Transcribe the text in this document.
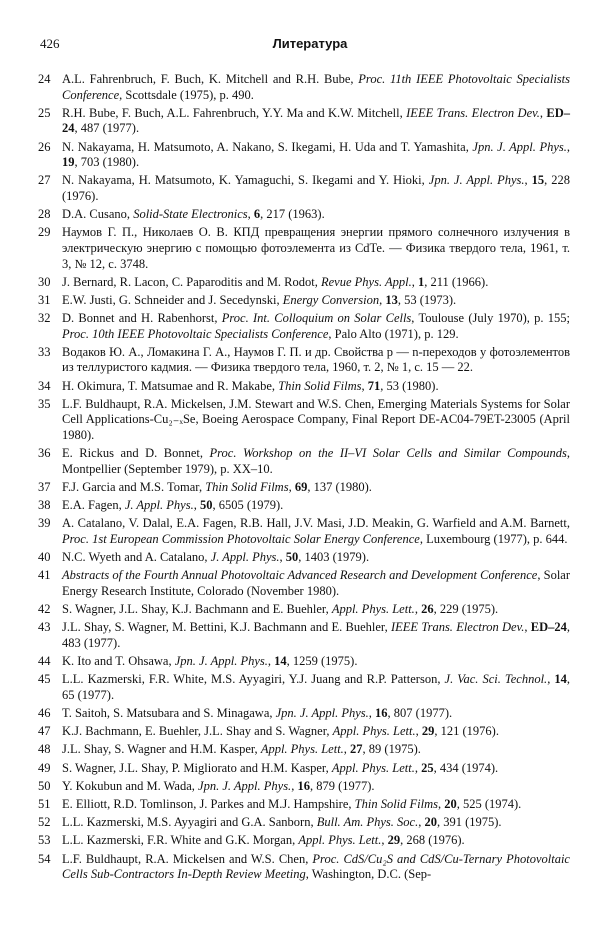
426	Литература
24 A.L. Fahrenbruch, F. Buch, K. Mitchell and R.H. Bube, Proc. 11th IEEE Photovoltaic Specialists Conference, Scottsdale (1975), p. 490.
25 R.H. Bube, F. Buch, A.L. Fahrenbruch, Y.Y. Ma and K.W. Mitchell, IEEE Trans. Electron Dev., ED–24, 487 (1977).
26 N. Nakayama, H. Matsumoto, A. Nakano, S. Ikegami, H. Uda and T. Yamashita, Jpn. J. Appl. Phys., 19, 703 (1980).
27 N. Nakayama, H. Matsumoto, K. Yamaguchi, S. Ikegami and Y. Hioki, Jpn. J. Appl. Phys., 15, 228 (1976).
28 D.A. Cusano, Solid-State Electronics, 6, 217 (1963).
29 Наумов Г. П., Николаев О. В. КПД превращения энергии прямого солнечного излучения в электрическую энергию с помощью фотоэлемента из CdTe. — Физика твердого тела, 1961, т. 3, № 12, с. 3748.
30 J. Bernard, R. Lacon, C. Paparoditis and M. Rodot, Revue Phys. Appl., 1, 211 (1966).
31 E.W. Justi, G. Schneider and J. Secedynski, Energy Conversion, 13, 53 (1973).
32 D. Bonnet and H. Rabenhorst, Proc. Int. Colloquium on Solar Cells, Toulouse (July 1970), p. 155; Proc. 10th IEEE Photovoltaic Specialists Conference, Palo Alto (1971), p. 129.
33 Водаков Ю. А., Ломакина Г. А., Наумов Г. П. и др. Свойства p — n-переходов у фотоэлементов из теллуристого кадмия. — Физика твердого тела, 1960, т. 2, № 1, с. 15 — 22.
34 H. Okimura, T. Matsumae and R. Makabe, Thin Solid Films, 71, 53 (1980).
35 L.F. Buldhaupt, R.A. Mickelsen, J.M. Stewart and W.S. Chen, Emerging Materials Systems for Solar Cell Applications-Cu₂₋ₓSe, Boeing Aerospace Company, Final Report DE-AC04-79ET-23005 (April 1980).
36 E. Rickus and D. Bonnet, Proc. Workshop on the II–VI Solar Cells and Similar Compounds, Montpellier (September 1979), p. XX–10.
37 F.J. Garcia and M.S. Tomar, Thin Solid Films, 69, 137 (1980).
38 E.A. Fagen, J. Appl. Phys., 50, 6505 (1979).
39 A. Catalano, V. Dalal, E.A. Fagen, R.B. Hall, J.V. Masi, J.D. Meakin, G. Warfield and A.M. Barnett, Proc. 1st European Commission Photovoltaic Solar Energy Conference, Luxembourg (1977), p. 644.
40 N.C. Wyeth and A. Catalano, J. Appl. Phys., 50, 1403 (1979).
41 Abstracts of the Fourth Annual Photovoltaic Advanced Research and Development Conference, Solar Energy Research Institute, Colorado (November 1980).
42 S. Wagner, J.L. Shay, K.J. Bachmann and E. Buehler, Appl. Phys. Lett., 26, 229 (1975).
43 J.L. Shay, S. Wagner, M. Bettini, K.J. Bachmann and E. Buehler, IEEE Trans. Electron Dev., ED–24, 483 (1977).
44 K. Ito and T. Ohsawa, Jpn. J. Appl. Phys., 14, 1259 (1975).
45 L.L. Kazmerski, F.R. White, M.S. Ayyagiri, Y.J. Juang and R.P. Patterson, J. Vac. Sci. Technol., 14, 65 (1977).
46 T. Saitoh, S. Matsubara and S. Minagawa, Jpn. J. Appl. Phys., 16, 807 (1977).
47 K.J. Bachmann, E. Buehler, J.L. Shay and S. Wagner, Appl. Phys. Lett., 29, 121 (1976).
48 J.L. Shay, S. Wagner and H.M. Kasper, Appl. Phys. Lett., 27, 89 (1975).
49 S. Wagner, J.L. Shay, P. Migliorato and H.M. Kasper, Appl. Phys. Lett., 25, 434 (1974).
50 Y. Kokubun and M. Wada, Jpn. J. Appl. Phys., 16, 879 (1977).
51 E. Elliott, R.D. Tomlinson, J. Parkes and M.J. Hampshire, Thin Solid Films, 20, 525 (1974).
52 L.L. Kazmerski, M.S. Ayyagiri and G.A. Sanborn, Bull. Am. Phys. Soc., 20, 391 (1975).
53 L.L. Kazmerski, F.R. White and G.K. Morgan, Appl. Phys. Lett., 29, 268 (1976).
54 L.F. Buldhaupt, R.A. Mickelsen and W.S. Chen, Proc. CdS/Cu₂S and CdS/Cu-Ternary Photovoltaic Cells Sub-Contractors In-Depth Review Meeting, Washington, D.C. (Sep-
